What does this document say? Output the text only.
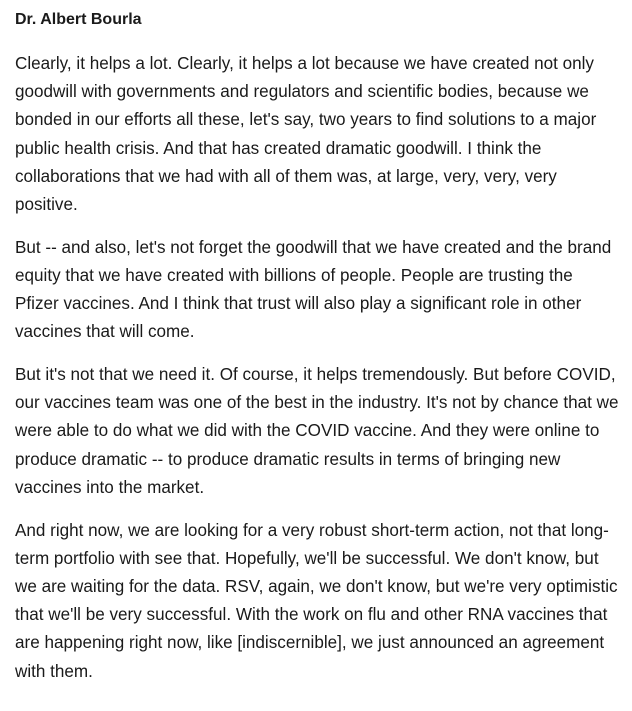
Dr. Albert Bourla

Clearly, it helps a lot. Clearly, it helps a lot because we have created not only goodwill with governments and regulators and scientific bodies, because we bonded in our efforts all these, let's say, two years to find solutions to a major public health crisis. And that has created dramatic goodwill. I think the collaborations that we had with all of them was, at large, very, very, very positive.

But -- and also, let's not forget the goodwill that we have created and the brand equity that we have created with billions of people. People are trusting the Pfizer vaccines. And I think that trust will also play a significant role in other vaccines that will come.

But it's not that we need it. Of course, it helps tremendously. But before COVID, our vaccines team was one of the best in the industry. It's not by chance that we were able to do what we did with the COVID vaccine. And they were online to produce dramatic -- to produce dramatic results in terms of bringing new vaccines into the market.

And right now, we are looking for a very robust short-term action, not that long-term portfolio with see that. Hopefully, we'll be successful. We don't know, but we are waiting for the data. RSV, again, we don't know, but we're very optimistic that we'll be very successful. With the work on flu and other RNA vaccines that are happening right now, like [indiscernible], we just announced an agreement with them.
